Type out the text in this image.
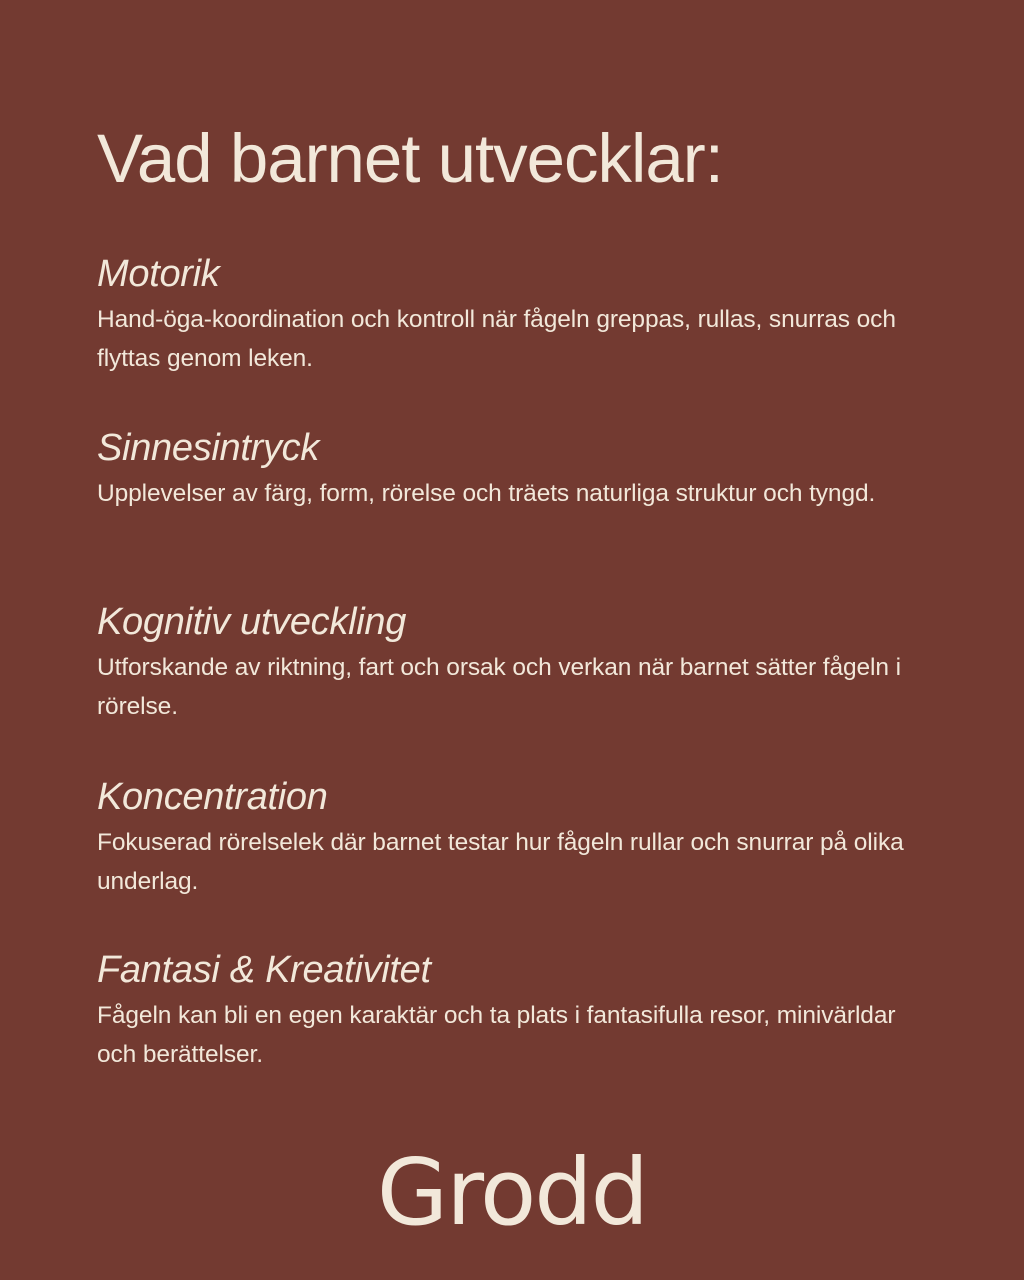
Vad barnet utvecklar:
Motorik

Hand-öga-koordination och kontroll när fågeln greppas, rullas, snurras och flyttas genom leken.

Sinnesintryck

Upplevelser av färg, form, rörelse och träets naturliga struktur och tyngd.

Kognitiv utveckling

Utforskande av riktning, fart och orsak och verkan när barnet sätter fågeln i rörelse.

Koncentration

Fokuserad rörelselek där barnet testar hur fågeln rullar och snurrar på olika underlag.

Fantasi & Kreativitet

Fågeln kan bli en egen karaktär och ta plats i fantasifulla resor, minivärldar och berättelser.

Grodd
